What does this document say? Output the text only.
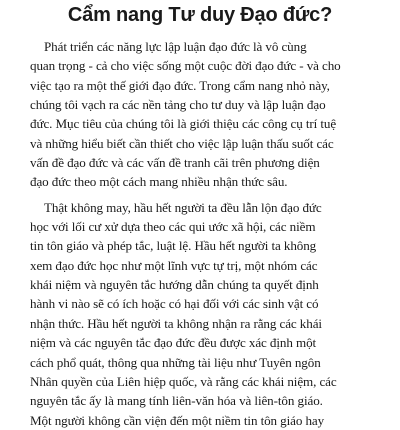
Cẩm nang Tư duy Đạo đức?

Phát triển các năng lực lập luận đạo đức là vô cùng
quan trọng - cả cho việc sống một cuộc đời đạo đức - và cho
việc tạo ra một thế giới đạo đức. Trong cẩm nang nhỏ này,
chúng tôi vạch ra các nền tảng cho tư duy và lập luận đạo
đức. Mục tiêu của chúng tôi là giới thiệu các công cụ trí tuệ
và những hiểu biết cần thiết cho việc lập luận thấu suốt các
vấn đề đạo đức và các vấn đề tranh cãi trên phương diện
đạo đức theo một cách mang nhiều nhận thức sâu.

Thật không may, hầu hết người ta đều lẫn lộn đạo đức
học với lối cư xử dựa theo các qui ước xã hội, các niềm
tin tôn giáo và phép tắc, luật lệ. Hầu hết người ta không
xem đạo đức học như một lĩnh vực tự trị, một nhóm các
khái niệm và nguyên tắc hướng dẫn chúng ta quyết định
hành vi nào sẽ có ích hoặc có hại đối với các sinh vật có
nhận thức. Hầu hết người ta không nhận ra rằng các khái
niệm và các nguyên tắc đạo đức đều được xác định một
cách phổ quát, thông qua những tài liệu như Tuyên ngôn
Nhân quyền của Liên hiệp quốc, và rằng các khái niệm, các
nguyên tắc ấy là mang tính liên-văn hóa và liên-tôn giáo.
Một người không cần viện đến một niềm tin tôn giáo hay
